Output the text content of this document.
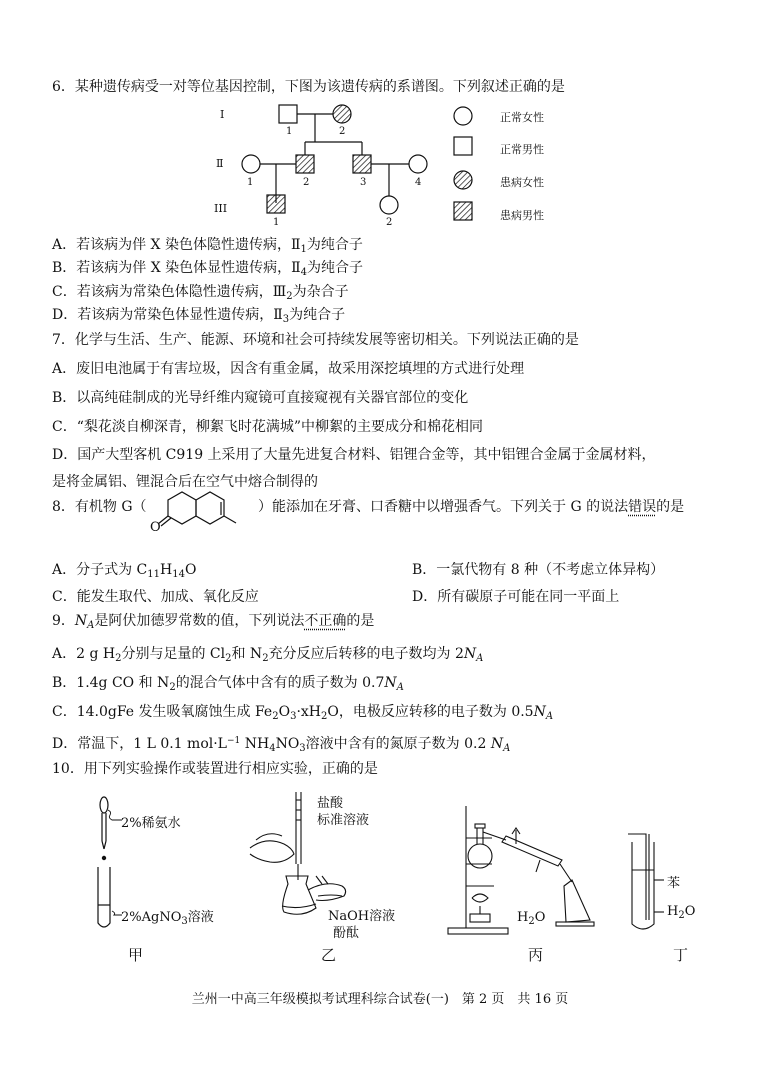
6．某种遗传病受一对等位基因控制，下图为该遗传病的系谱图。下列叙述正确的是
I
Ⅱ
III
1	2
1	2	3	4
1	2
正常女性
正常男性
患病女性
患病男性
A．若该病为伴 X 染色体隐性遗传病，$Ⅱ_1$为纯合子
B．若该病为伴 X 染色体显性遗传病，$Ⅱ_4$为纯合子
C．若该病为常染色体隐性遗传病，$Ⅲ_2$为杂合子
D．若该病为常染色体显性遗传病，$Ⅱ_3$为纯合子
7．化学与生活、生产、能源、环境和社会可持续发展等密切相关。下列说法正确的是
A．废旧电池属于有害垃圾，因含有重金属，故采用深挖填埋的方式进行处理
B．以高纯硅制成的光导纤维内窥镜可直接窥视有关器官部位的变化
C．“梨花淡自柳深青，柳絮飞时花满城”中柳絮的主要成分和棉花相同
D．国产大型客机 C919 上采用了大量先进复合材料、铝锂合金等，其中铝锂合金属于金属材料，
是将金属铝、锂混合后在空气中熔合制得的
8．有机物 G（
O
）能添加在牙膏、口香糖中以增强香气。下列关于 G 的说法错误的是
A．分子式为 $C_{11}H_{14}O$	B．一氯代物有 8 种（不考虑立体异构）
C．能发生取代、加成、氧化反应	D．所有碳原子可能在同一平面上
9．$N_A$是阿伏加德罗常数的值，下列说法不正确的是
A．2 g $H_2$分别与足量的 $Cl_2$和 $N_2$充分反应后转移的电子数均为 $2N_A$
B．1.4g CO 和 $N_2$的混合气体中含有的质子数为 $0.7N_A$
C．14.0gFe 发生吸氧腐蚀生成 $Fe_2O_3\cdot xH_2O$，电极反应转移的电子数为 $0.5N_A$
D．常温下，1 L 0.1 $mol\cdot L^{-1}$ $NH_4NO_3$溶液中含有的氮原子数为 0.2 $N_A$
10．用下列实验操作或装置进行相应实验，正确的是
2%稀氨水
2%AgNO$_3$溶液
盐酸
标准溶液
NaOH溶液
酚酞
$H_2O$
苯
$H_2O$
甲	乙	丙	丁
兰州一中高三年级模拟考试理科综合试卷(一)　第 2 页　共 16 页
